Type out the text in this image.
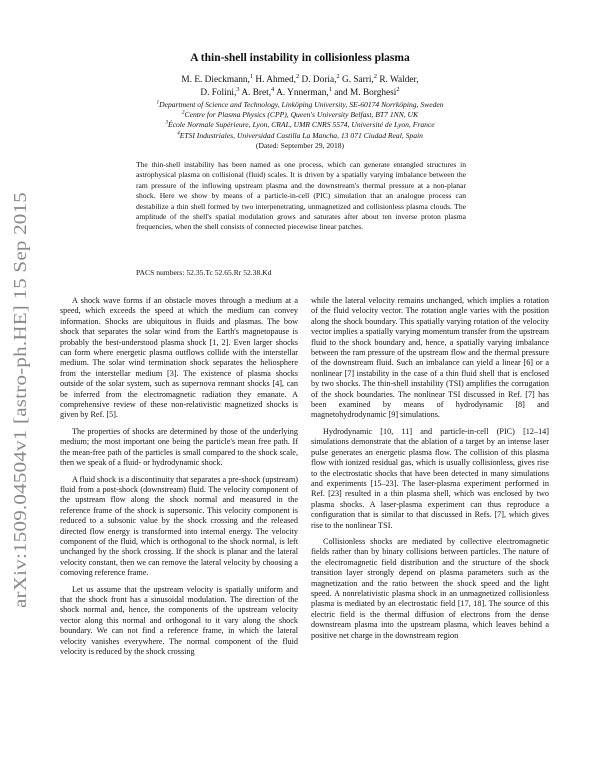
arXiv:1509.04504v1 [astro-ph.HE] 15 Sep 2015
A thin-shell instability in collisionless plasma
M. E. Dieckmann,$^1$ H. Ahmed,$^2$ D. Doria,$^2$ G. Sarri,$^2$ R. Walder,
D. Folini,$^3$ A. Bret,$^4$ A. Ynnerman,$^1$ and M. Borghesi$^2$
$^1$Department of Science and Technology, Linköping University, SE-60174 Norrköping, Sweden
$^2$Centre for Plasma Physics (CPP), Queen's University Belfast, BT7 1NN, UK
$^3$École Normale Supérieure, Lyon, CRAL, UMR CNRS 5574, Université de Lyon, France
$^4$ETSI Industriales, Universidad Castilla La Mancha, 13 071 Ciudad Real, Spain
(Dated: September 29, 2018)
The thin-shell instability has been named as one process, which can generate entangled structures in astrophysical plasma on collisional (fluid) scales. It is driven by a spatially varying imbalance between the ram pressure of the inflowing upstream plasma and the downstream's thermal pressure at a non-planar shock. Here we show by means of a particle-in-cell (PIC) simulation that an analogue process can destabilize a thin shell formed by two interpenetrating, unmagnetized and collisionless plasma clouds. The amplitude of the shell's spatial modulation grows and saturates after about ten inverse proton plasma frequencies, when the shell consists of connected piecewise linear patches.
PACS numbers: 52.35.Tc 52.65.Rr 52.38.Kd

A shock wave forms if an obstacle moves through a medium at a speed, which exceeds the speed at which the medium can convey information. Shocks are ubiquitous in fluids and plasmas. The bow shock that separates the solar wind from the Earth's magnetopause is probably the best-understood plasma shock [1, 2]. Even larger shocks can form where energetic plasma outflows collide with the interstellar medium. The solar wind termination shock separates the heliosphere from the interstellar medium [3]. The existence of plasma shocks outside of the solar system, such as supernova remnant shocks [4], can be inferred from the electromagnetic radiation they emanate. A comprehensive review of these non-relativistic magnetized shocks is given by Ref. [5].

The properties of shocks are determined by those of the underlying medium; the most important one being the particle's mean free path. If the mean-free path of the particles is small compared to the shock scale, then we speak of a fluid- or hydrodynamic shock.

A fluid shock is a discontinuity that separates a pre-shock (upstream) fluid from a post-shock (downstream) fluid. The velocity component of the upstream flow along the shock normal and measured in the reference frame of the shock is supersonic. This velocity component is reduced to a subsonic value by the shock crossing and the released directed flow energy is transformed into internal energy. The velocity component of the fluid, which is orthogonal to the shock normal, is left unchanged by the shock crossing. If the shock is planar and the lateral velocity constant, then we can remove the lateral velocity by choosing a comoving reference frame.

Let us assume that the upstream velocity is spatially uniform and that the shock front has a sinusoidal modulation. The direction of the shock normal and, hence, the components of the upstream velocity vector along this normal and orthogonal to it vary along the shock boundary. We can not find a reference frame, in which the lateral velocity vanishes everywhere. The normal component of the fluid velocity is reduced by the shock crossing

while the lateral velocity remains unchanged, which implies a rotation of the fluid velocity vector. The rotation angle varies with the position along the shock boundary. This spatially varying rotation of the velocity vector implies a spatially varying momentum transfer from the upstream fluid to the shock boundary and, hence, a spatially varying imbalance between the ram pressure of the upstream flow and the thermal pressure of the downstream fluid. Such an imbalance can yield a linear [6] or a nonlinear [7] instability in the case of a thin fluid shell that is enclosed by two shocks. The thin-shell instability (TSI) amplifies the corrugation of the shock boundaries. The nonlinear TSI discussed in Ref. [7] has been examined by means of hydrodynamic [8] and magnetohydrodynamic [9] simulations.

Hydrodynamic [10, 11] and particle-in-cell (PIC) [12–14] simulations demonstrate that the ablation of a target by an intense laser pulse generates an energetic plasma flow. The collision of this plasma flow with ionized residual gas, which is usually collisionless, gives rise to the electrostatic shocks that have been detected in many simulations and experiments [15–23]. The laser-plasma experiment performed in Ref. [23] resulted in a thin plasma shell, which was enclosed by two plasma shocks. A laser-plasma experiment can thus reproduce a configuration that is similar to that discussed in Refs. [7], which gives rise to the nonlinear TSI.

Collisionless shocks are mediated by collective electromagnetic fields rather than by binary collisions between particles. The nature of the electromagnetic field distribution and the structure of the shock transition layer strongly depend on plasma parameters such as the magnetization and the ratio between the shock speed and the light speed. A nonrelativistic plasma shock in an unmagnetized collisionless plasma is mediated by an electrostatic field [17, 18]. The source of this electric field is the thermal diffusion of electrons from the dense downstream plasma into the upstream plasma, which leaves behind a positive net charge in the downstream region
